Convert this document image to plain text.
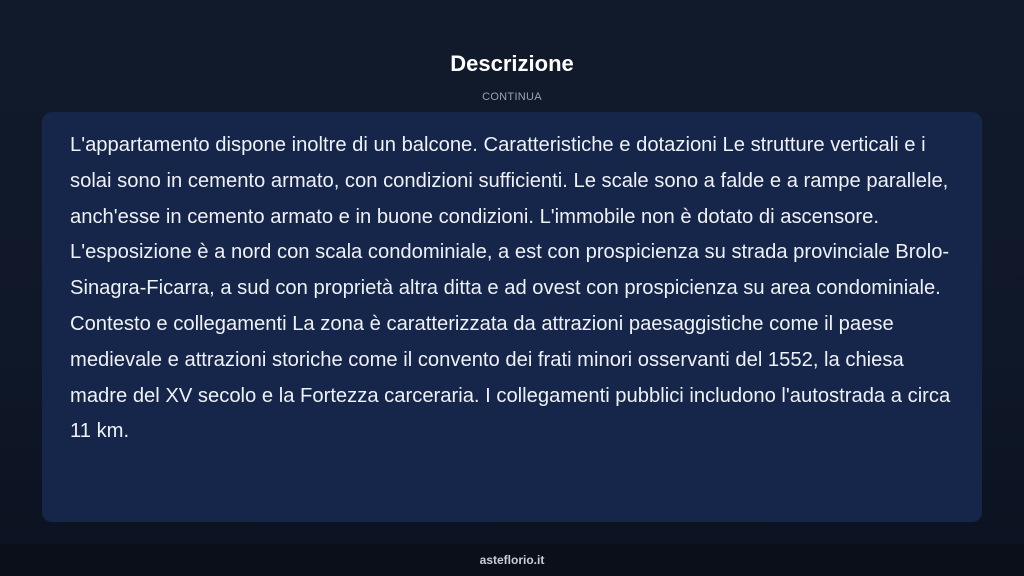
Descrizione
CONTINUA

L'appartamento dispone inoltre di un balcone. Caratteristiche e dotazioni Le strutture verticali e i solai sono in cemento armato, con condizioni sufficienti. Le scale sono a falde e a rampe parallele, anch'esse in cemento armato e in buone condizioni. L'immobile non è dotato di ascensore. L'esposizione è a nord con scala condominiale, a est con prospicienza su strada provinciale Brolo-Sinagra-Ficarra, a sud con proprietà altra ditta e ad ovest con prospicienza su area condominiale. Contesto e collegamenti La zona è caratterizzata da attrazioni paesaggistiche come il paese medievale e attrazioni storiche come il convento dei frati minori osservanti del 1552, la chiesa madre del XV secolo e la Fortezza carceraria. I collegamenti pubblici includono l'autostrada a circa 11 km.

asteflorio.it
